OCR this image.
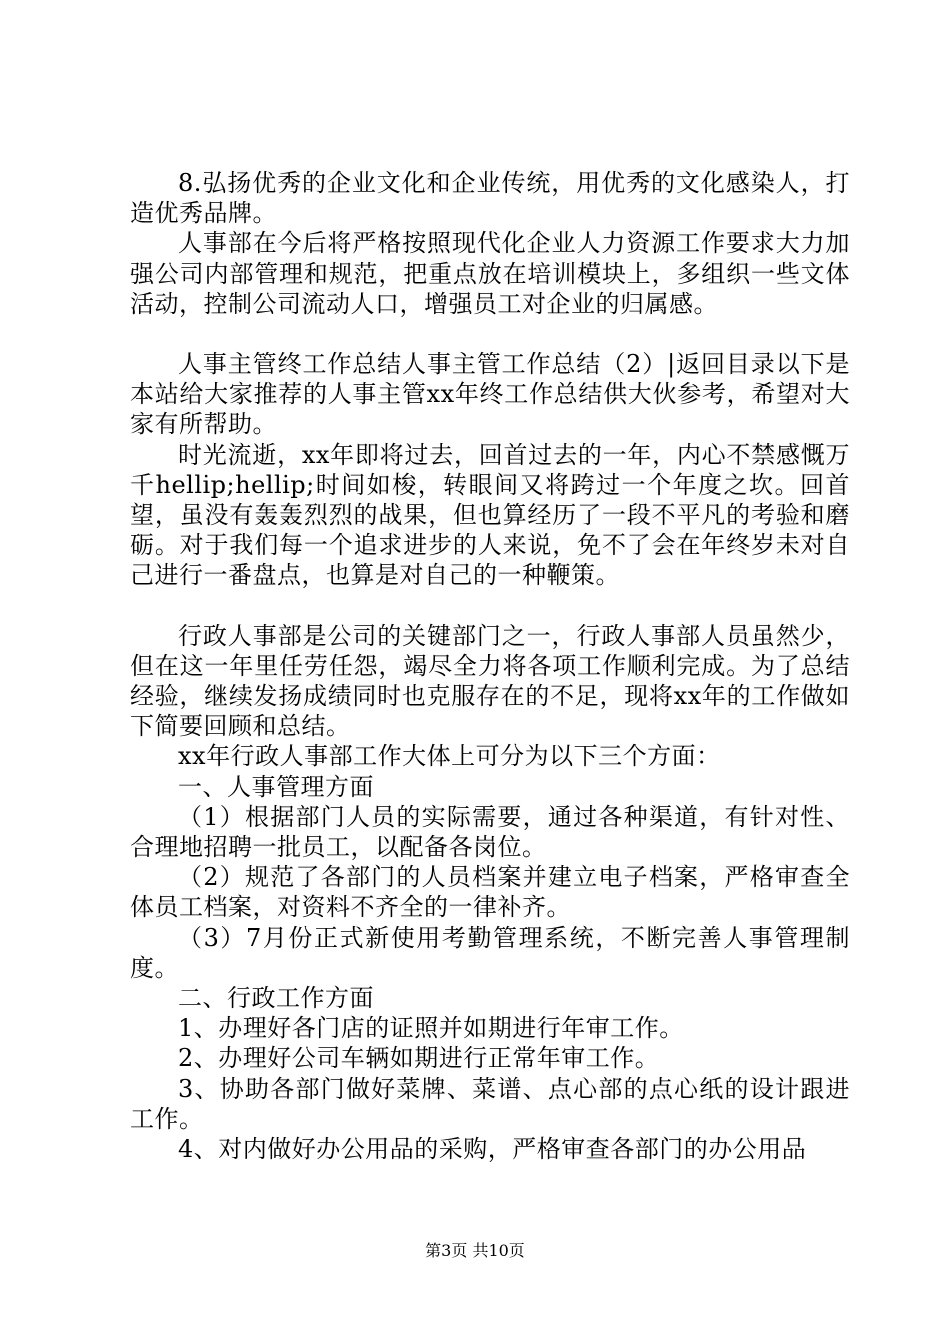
8.弘扬优秀的企业文化和企业传统，用优秀的文化感染人，打造优秀品牌。

人事部在今后将严格按照现代化企业人力资源工作要求大力加强公司内部管理和规范，把重点放在培训模块上，多组织一些文体活动，控制公司流动人口，增强员工对企业的归属感。

人事主管终工作总结人事主管工作总结（2）|返回目录以下是本站给大家推荐的人事主管xx年终工作总结供大伙参考，希望对大家有所帮助。

时光流逝，xx年即将过去，回首过去的一年，内心不禁感慨万千hellip;hellip;时间如梭，转眼间又将跨过一个年度之坎。回首望，虽没有轰轰烈烈的战果，但也算经历了一段不平凡的考验和磨砺。对于我们每一个追求进步的人来说，免不了会在年终岁未对自己进行一番盘点，也算是对自己的一种鞭策。

行政人事部是公司的关键部门之一，行政人事部人员虽然少，但在这一年里任劳任怨，竭尽全力将各项工作顺利完成。为了总结经验，继续发扬成绩同时也克服存在的不足，现将xx年的工作做如下简要回顾和总结。

xx年行政人事部工作大体上可分为以下三个方面：

一、人事管理方面

（1）根据部门人员的实际需要，通过各种渠道，有针对性、合理地招聘一批员工，以配备各岗位。

（2）规范了各部门的人员档案并建立电子档案，严格审查全体员工档案，对资料不齐全的一律补齐。

（3）7月份正式新使用考勤管理系统，不断完善人事管理制度。

二、行政工作方面

1、办理好各门店的证照并如期进行年审工作。

2、办理好公司车辆如期进行正常年审工作。

3、协助各部门做好菜牌、菜谱、点心部的点心纸的设计跟进工作。

4、对内做好办公用品的采购，严格审查各部门的办公用品

第3页 共10页
